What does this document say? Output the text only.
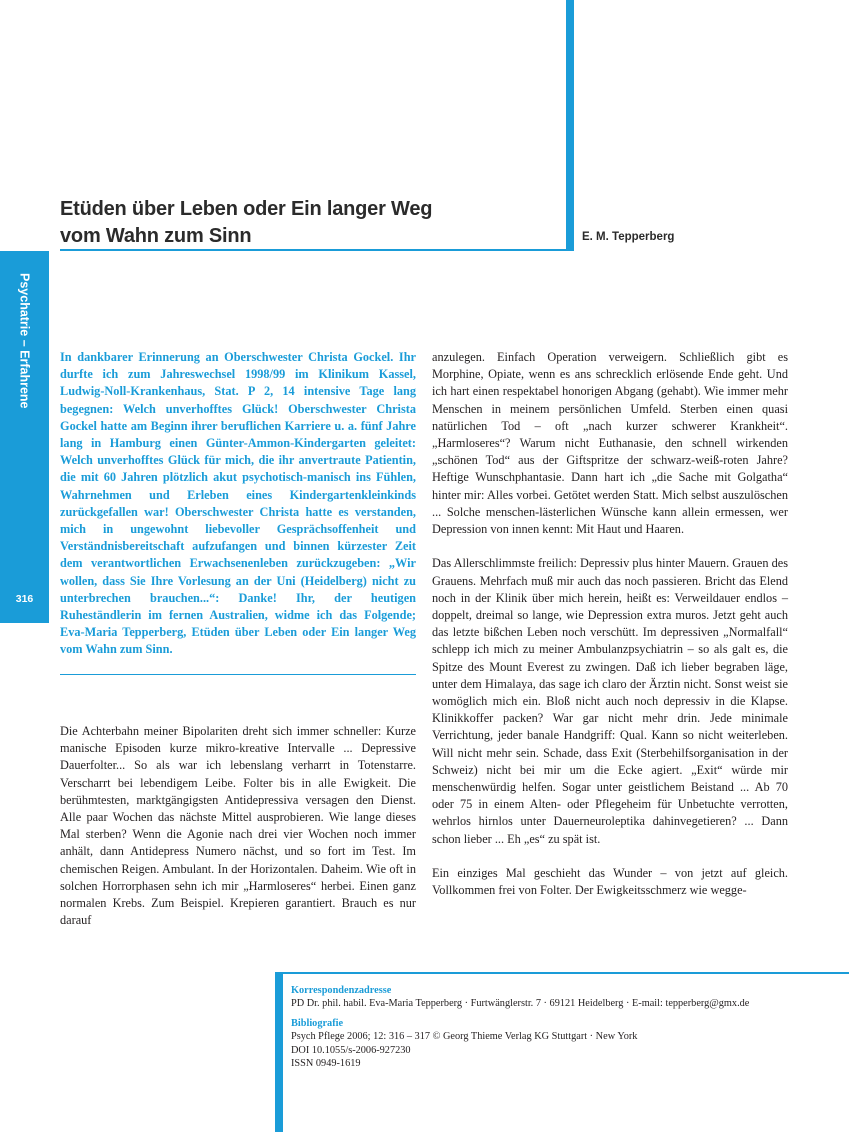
Etüden über Leben oder Ein langer Weg vom Wahn zum Sinn	E. M. Tepperberg
Psychatrie – Erfahrene
316

In dankbarer Erinnerung an Oberschwester Christa Gockel. Ihr durfte ich zum Jahreswechsel 1998/99 im Klinikum Kassel, Ludwig-Noll-Krankenhaus, Stat. P 2, 14 intensive Tage lang begegnen: Welch unverhofftes Glück! Oberschwester Christa Gockel hatte am Beginn ihrer beruflichen Karriere u. a. fünf Jahre lang in Hamburg einen Günter-Ammon-Kindergarten geleitet: Welch unverhofftes Glück für mich, die ihr anvertraute Patientin, die mit 60 Jahren plötzlich akut psychotisch-manisch ins Fühlen, Wahrnehmen und Erleben eines Kindergartenkleinkinds zurückgefallen war! Oberschwester Christa hatte es verstanden, mich in ungewohnt liebevoller Gesprächsoffenheit und Verständnisbereitschaft aufzufangen und binnen kürzester Zeit dem verantwortlichen Erwachsenenleben zurückzugeben: „Wir wollen, dass Sie Ihre Vorlesung an der Uni (Heidelberg) nicht zu unterbrechen brauchen...“: Danke! Ihr, der heutigen Ruheständlerin im fernen Australien, widme ich das Folgende; Eva-Maria Tepperberg, Etüden über Leben oder Ein langer Weg vom Wahn zum Sinn.

Die Achterbahn meiner Bipolariten dreht sich immer schneller: Kurze manische Episoden kurze mikro-kreative Intervalle ... Depressive Dauerfolter... So als war ich lebenslang verharrt in Totenstarre. Verscharrt bei lebendigem Leibe. Folter bis in alle Ewigkeit. Die berühmtesten, marktgängigsten Antidepressiva versagen den Dienst. Alle paar Wochen das nächste Mittel ausprobieren. Wie lange dieses Mal sterben? Wenn die Agonie nach drei vier Wochen noch immer anhält, dann Antidepress Numero nächst, und so fort im Test. Im chemischen Reigen. Ambulant. In der Horizontalen. Daheim. Wie oft in solchen Horrorphasen sehn ich mir „Harmloseres“ herbei. Einen ganz normalen Krebs. Zum Beispiel. Krepieren garantiert. Brauch es nur darauf

anzulegen. Einfach Operation verweigern. Schließlich gibt es Morphine, Opiate, wenn es ans schrecklich erlösende Ende geht. Und ich hart einen respektabel honorigen Abgang (gehabt). Wie immer mehr Menschen in meinem persönlichen Umfeld. Sterben einen quasi natürlichen Tod – oft „nach kurzer schwerer Krankheit“. „Harmloseres“? Warum nicht Euthanasie, den schnell wirkenden „schönen Tod“ aus der Giftspritze der schwarz-weiß-roten Jahre? Heftige Wunschphantasie. Dann hart ich „die Sache mit Golgatha“ hinter mir: Alles vorbei. Getötet werden Statt. Mich selbst auszulöschen ... Solche menschen-lästerlichen Wünsche kann allein ermessen, wer Depression von innen kennt: Mit Haut und Haaren.

Das Allerschlimmste freilich: Depressiv plus hinter Mauern. Grauen des Grauens. Mehrfach muß mir auch das noch passieren. Bricht das Elend noch in der Klinik über mich herein, heißt es: Verweildauer endlos – doppelt, dreimal so lange, wie Depression extra muros. Jetzt geht auch das letzte bißchen Leben noch verschütt. Im depressiven „Normalfall“ schlepp ich mich zu meiner Ambulanzpsychiatrin – so als galt es, die Spitze des Mount Everest zu zwingen. Daß ich lieber begraben läge, unter dem Himalaya, das sage ich claro der Ärztin nicht. Sonst weist sie womöglich mich ein. Bloß nicht auch noch depressiv in die Klapse. Klinikkoffer packen? War gar nicht mehr drin. Jede minimale Verrichtung, jeder banale Handgriff: Qual. Kann so nicht weiterleben. Will nicht mehr sein. Schade, dass Exit (Sterbehilfsorganisation in der Schweiz) nicht bei mir um die Ecke agiert. „Exit“ würde mir menschenwürdig helfen. Sogar unter geistlichem Beistand ... Ab 70 oder 75 in einem Alten- oder Pflegeheim für Unbetuchte verrotten, wehrlos hirnlos unter Dauerneuroleptika dahinvegetieren? ... Dann schon lieber ... Eh „es“ zu spät ist.

Ein einziges Mal geschieht das Wunder – von jetzt auf gleich. Vollkommen frei von Folter. Der Ewigkeitsschmerz wie wegge-

Korrespondenzadresse
PD Dr. phil. habil. Eva-Maria Tepperberg · Furtwänglerstr. 7 · 69121 Heidelberg · E-mail: tepperberg@gmx.de
Bibliografie
Psych Pflege 2006; 12: 316 – 317 © Georg Thieme Verlag KG Stuttgart · New York
DOI 10.1055/s-2006-927230
ISSN 0949-1619
